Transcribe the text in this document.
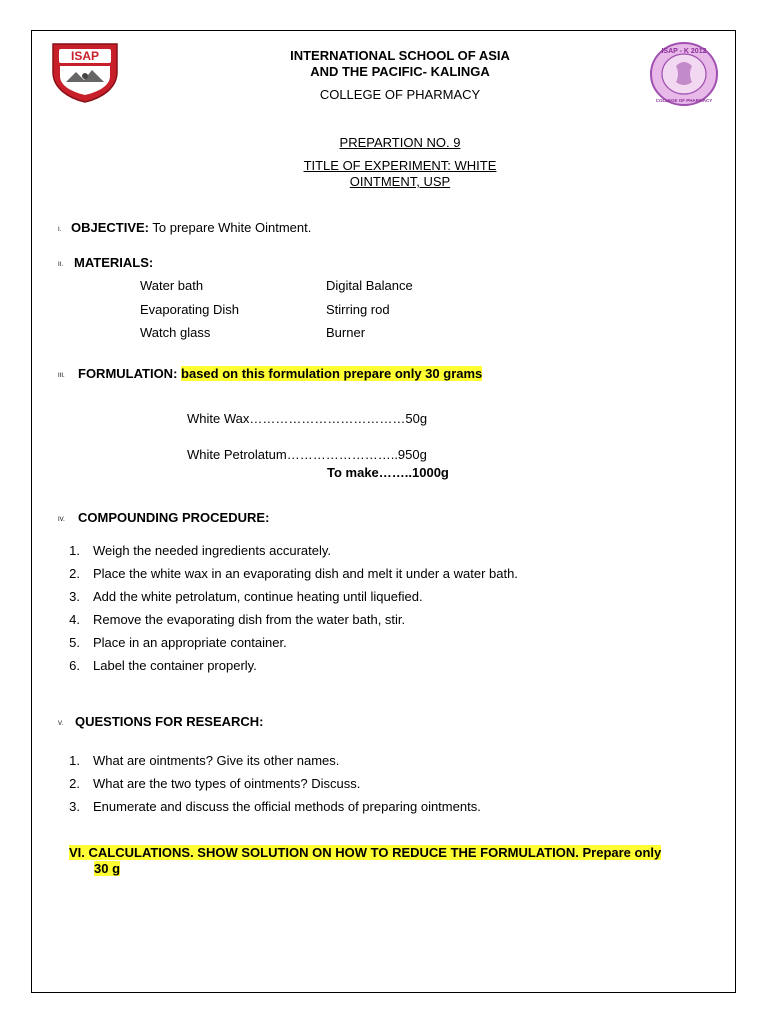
ISAP	ISAP - K 2012
COLLEGE OF PHARMACY
INTERNATIONAL SCHOOL OF ASIA
AND THE PACIFIC- KALINGA
COLLEGE OF PHARMACY
PREPARTION NO. 9
TITLE OF EXPERIMENT: WHITE
OINTMENT, USP
I. OBJECTIVE: To prepare White Ointment.
II. MATERIALS:
Water bath
Evaporating Dish
Watch glass
Digital Balance
Stirring rod
Burner
III. FORMULATION: based on this formulation prepare only 30 grams
White Wax………………………………50g
White Petrolatum……………………..950g
To make……..1000g
IV. COMPOUNDING PROCEDURE:
1. Weigh the needed ingredients accurately.
2. Place the white wax in an evaporating dish and melt it under a water bath.
3. Add the white petrolatum, continue heating until liquefied.
4. Remove the evaporating dish from the water bath, stir.
5. Place in an appropriate container.
6. Label the container properly.
V. QUESTIONS FOR RESEARCH:
1. What are ointments? Give its other names.
2. What are the two types of ointments? Discuss.
3. Enumerate and discuss the official methods of preparing ointments.
VI. CALCULATIONS. SHOW SOLUTION ON HOW TO REDUCE THE FORMULATION. Prepare only
30 g
